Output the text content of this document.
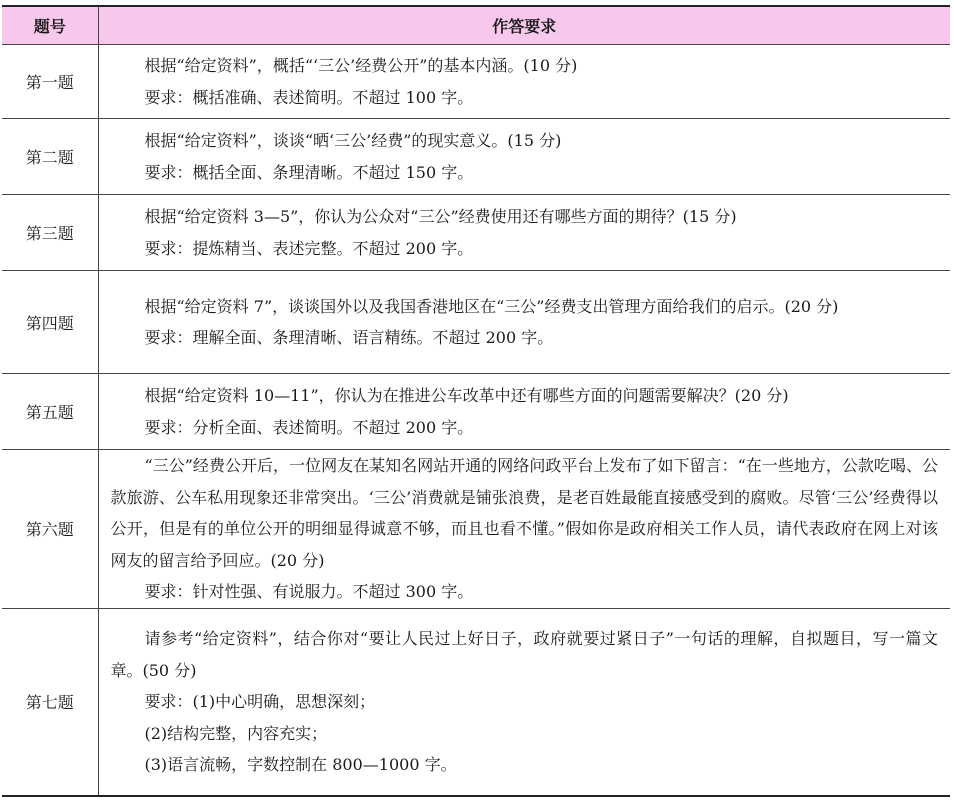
题号	作答要求
第一题	根据“给定资料”，概括“‘三公’经费公开”的基本内涵。(10 分)
要求：概括准确、表述简明。不超过 100 字。

第二题	根据“给定资料”，谈谈“晒‘三公’经费”的现实意义。(15 分)
要求：概括全面、条理清晰。不超过 150 字。

第三题	根据“给定资料 3—5”，你认为公众对“三公”经费使用还有哪些方面的期待？(15 分)
要求：提炼精当、表述完整。不超过 200 字。

第四题	根据“给定资料 7”，谈谈国外以及我国香港地区在“三公”经费支出管理方面给我们的启示。(20 分)
要求：理解全面、条理清晰、语言精练。不超过 200 字。

第五题	根据“给定资料 10—11”，你认为在推进公车改革中还有哪些方面的问题需要解决？(20 分)
要求：分析全面、表述简明。不超过 200 字。

第六题	“三公”经费公开后，一位网友在某知名网站开通的网络问政平台上发布了如下留言：“在一些地方，公款吃喝、公款旅游、公车私用现象还非常突出。‘三公’消费就是铺张浪费，是老百姓最能直接感受到的腐败。尽管‘三公’经费得以公开，但是有的单位公开的明细显得诚意不够，而且也看不懂。”假如你是政府相关工作人员，请代表政府在网上对该网友的留言给予回应。(20 分)
要求：针对性强、有说服力。不超过 300 字。

第七题	请参考“给定资料”，结合你对“要让人民过上好日子，政府就要过紧日子”一句话的理解，自拟题目，写一篇文章。(50 分)
要求：(1)中心明确，思想深刻；
(2)结构完整，内容充实；
(3)语言流畅，字数控制在 800—1000 字。
